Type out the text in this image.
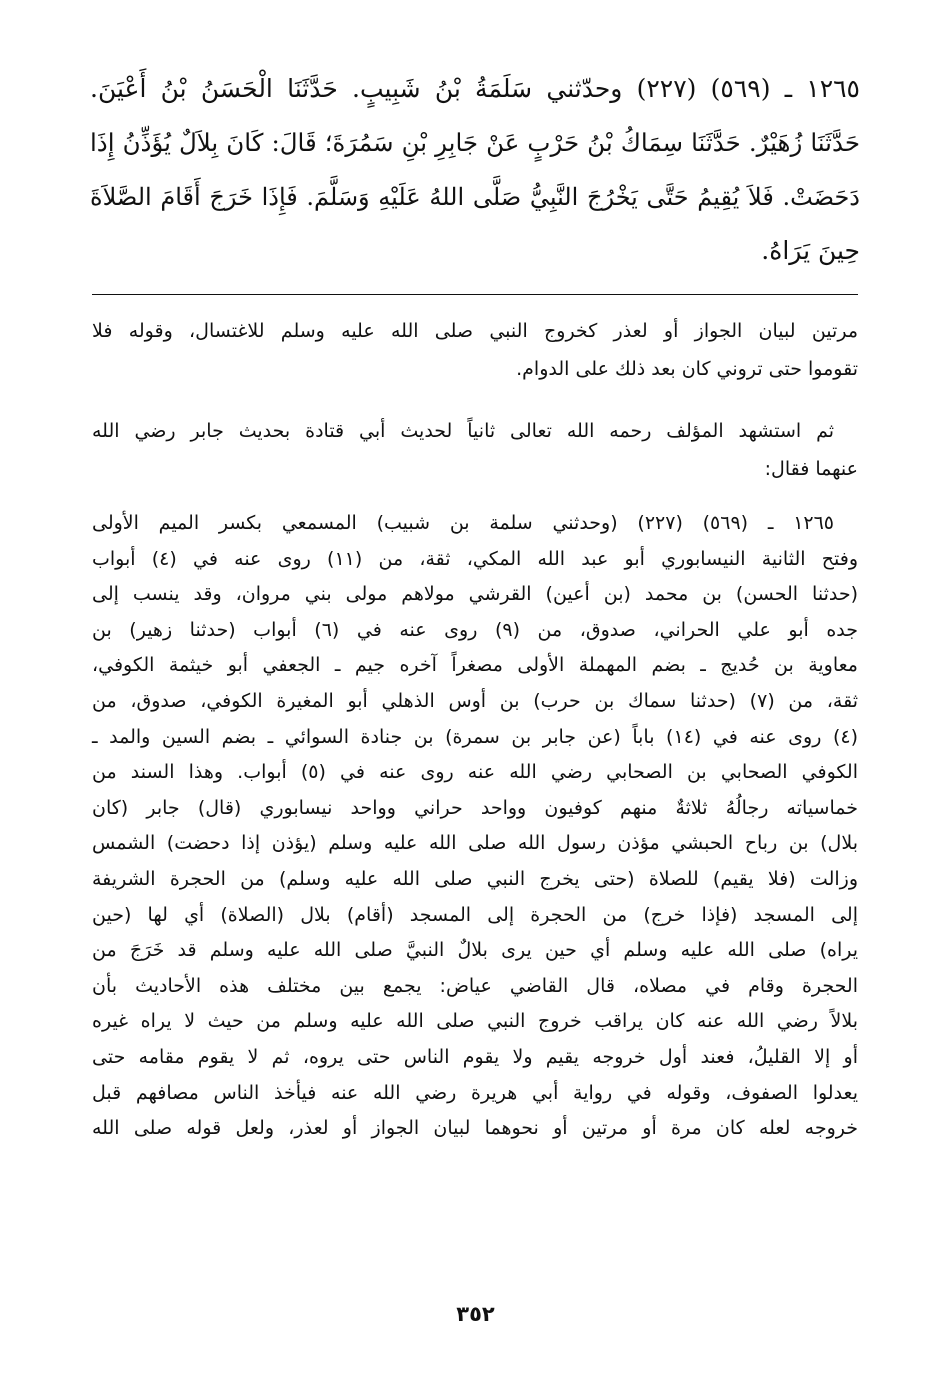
١٢٦٥ ـ (٥٦٩) (٢٢٧) وحدّثني سَلَمَةُ بْنُ شَبِيبٍ. حَدَّثَنَا الْحَسَنُ بْنُ أَعْيَنَ.
حَدَّثَنَا زُهَيْرٌ. حَدَّثَنَا سِمَاكُ بْنُ حَرْبٍ عَنْ جَابِرِ بْنِ سَمُرَةَ؛ قَالَ: كَانَ بِلاَلٌ يُؤَذِّنُ إِذَا
دَحَضَتْ. فَلاَ يُقِيمُ حَتَّى يَخْرُجَ النَّبِيُّ صَلَّى اللهُ عَلَيْهِ وَسَلَّمَ. فَإِذَا خَرَجَ أَقَامَ الصَّلاَةَ
حِينَ يَرَاهُ.
مرتين لبيان الجواز أو لعذر كخروج النبي صلى الله عليه وسلم للاغتسال، وقوله فلا
تقوموا حتى تروني كان بعد ذلك على الدوام.
ثم استشهد المؤلف رحمه الله تعالى ثانياً لحديث أبي قتادة بحديث جابر رضي الله
عنهما فقال:
١٢٦٥ ـ (٥٦٩) (٢٢٧) (وحدثني سلمة بن شبيب) المسمعي بكسر الميم الأولى
وفتح الثانية النيسابوري أبو عبد الله المكي، ثقة، من (١١) روى عنه في (٤) أبواب
(حدثنا الحسن) بن محمد (بن أعين) القرشي مولاهم مولى بني مروان، وقد ينسب إلى
جده أبو علي الحراني، صدوق، من (٩) روى عنه في (٦) أبواب (حدثنا زهير) بن
معاوية بن حُديج ـ بضم المهملة الأولى مصغراً آخره جيم ـ الجعفي أبو خيثمة الكوفي،
ثقة، من (٧) (حدثنا سماك بن حرب) بن أوس الذهلي أبو المغيرة الكوفي، صدوق، من
(٤) روى عنه في (١٤) باباً (عن جابر بن سمرة) بن جنادة السوائي ـ بضم السين والمد ـ
الكوفي الصحابي بن الصحابي رضي الله عنه روى عنه في (٥) أبواب. وهذا السند من
خماسياته رجالُهُ ثلاثةٌ منهم كوفيون وواحد حراني وواحد نيسابوري (قال) جابر (كان
بلال) بن رباح الحبشي مؤذن رسول الله صلى الله عليه وسلم (يؤذن إذا دحضت) الشمس
وزالت (فلا يقيم) للصلاة (حتى يخرج النبي صلى الله عليه وسلم) من الحجرة الشريفة
إلى المسجد (فإذا خرج) من الحجرة إلى المسجد (أقام) بلال (الصلاة) أي لها (حين
يراه) صلى الله عليه وسلم أي حين يرى بلالٌ النبيَّ صلى الله عليه وسلم قد خَرَجَ من
الحجرة وقام في مصلاه، قال القاضي عياض: يجمع بين مختلف هذه الأحاديث بأن
بلالاً رضي الله عنه كان يراقب خروج النبي صلى الله عليه وسلم من حيث لا يراه غيره
أو إلا القليلُ، فعند أول خروجه يقيم ولا يقوم الناس حتى يروه، ثم لا يقوم مقامه حتى
يعدلوا الصفوف، وقوله في رواية أبي هريرة رضي الله عنه فيأخذ الناس مصافهم قبل
خروجه لعله كان مرة أو مرتين أو نحوهما لبيان الجواز أو لعذر، ولعل قوله صلى الله
٣٥٢
